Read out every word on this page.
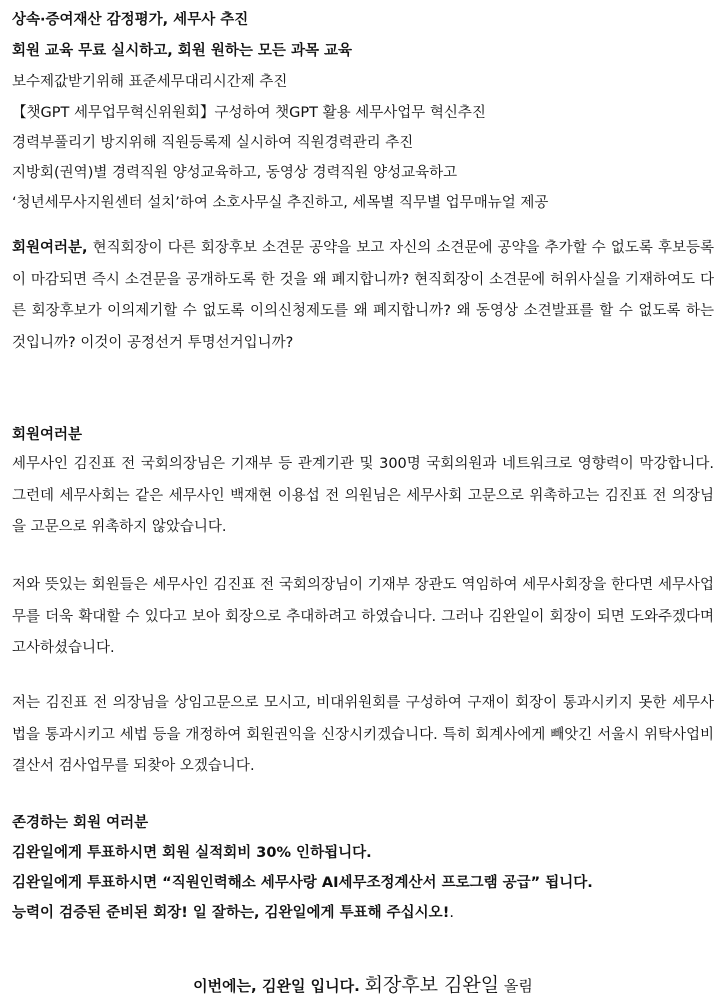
상속·증여재산 감정평가, 세무사 추진
회원 교육 무료 실시하고, 회원 원하는 모든 과목 교육
보수제값받기위해 표준세무대리시간제 추진
【챗GPT 세무업무혁신위원회】구성하여 챗GPT 활용 세무사업무 혁신추진
경력부풀리기 방지위해 직원등록제 실시하여 직원경력관리 추진
지방회(권역)별 경력직원 양성교육하고, 동영상 경력직원 양성교육하고
‘청년세무사지원센터 설치’하여 소호사무실 추진하고, 세목별 직무별 업무매뉴얼 제공
회원여러분, 현직회장이 다른 회장후보 소견문 공약을 보고 자신의 소견문에 공약을 추가할 수 없도록 후보등록이 마감되면 즉시 소견문을 공개하도록 한 것을 왜 폐지합니까? 현직회장이 소견문에 허위사실을 기재하여도 다른 회장후보가 이의제기할 수 없도록 이의신청제도를 왜 폐지합니까? 왜 동영상 소견발표를 할 수 없도록 하는 것입니까? 이것이 공정선거 투명선거입니까?
회원여러분
세무사인 김진표 전 국회의장님은 기재부 등 관계기관 및 300명 국회의원과 네트워크로 영향력이 막강합니다. 그런데 세무사회는 같은 세무사인 백재현 이용섭 전 의원님은 세무사회 고문으로 위촉하고는 김진표 전 의장님을 고문으로 위촉하지 않았습니다.
저와 뜻있는 회원들은 세무사인 김진표 전 국회의장님이 기재부 장관도 역임하여 세무사회장을 한다면 세무사업무를 더욱 확대할 수 있다고 보아 회장으로 추대하려고 하였습니다. 그러나 김완일이 회장이 되면 도와주겠다며 고사하셨습니다.
저는 김진표 전 의장님을 상임고문으로 모시고, 비대위원회를 구성하여 구재이 회장이 통과시키지 못한 세무사법을 통과시키고 세법 등을 개정하여 회원권익을 신장시키겠습니다. 특히 회계사에게 빼앗긴 서울시 위탁사업비 결산서 검사업무를 되찾아 오겠습니다.
존경하는 회원 여러분
김완일에게 투표하시면 회원 실적회비 30% 인하됩니다.
김완일에게 투표하시면 “직원인력해소 세무사랑 AI세무조정계산서 프로그램 공급” 됩니다.
능력이 검증된 준비된 회장! 일 잘하는, 김완일에게 투표해 주십시오!.
이번에는, 김완일 입니다. 회장후보 김완일 올림
